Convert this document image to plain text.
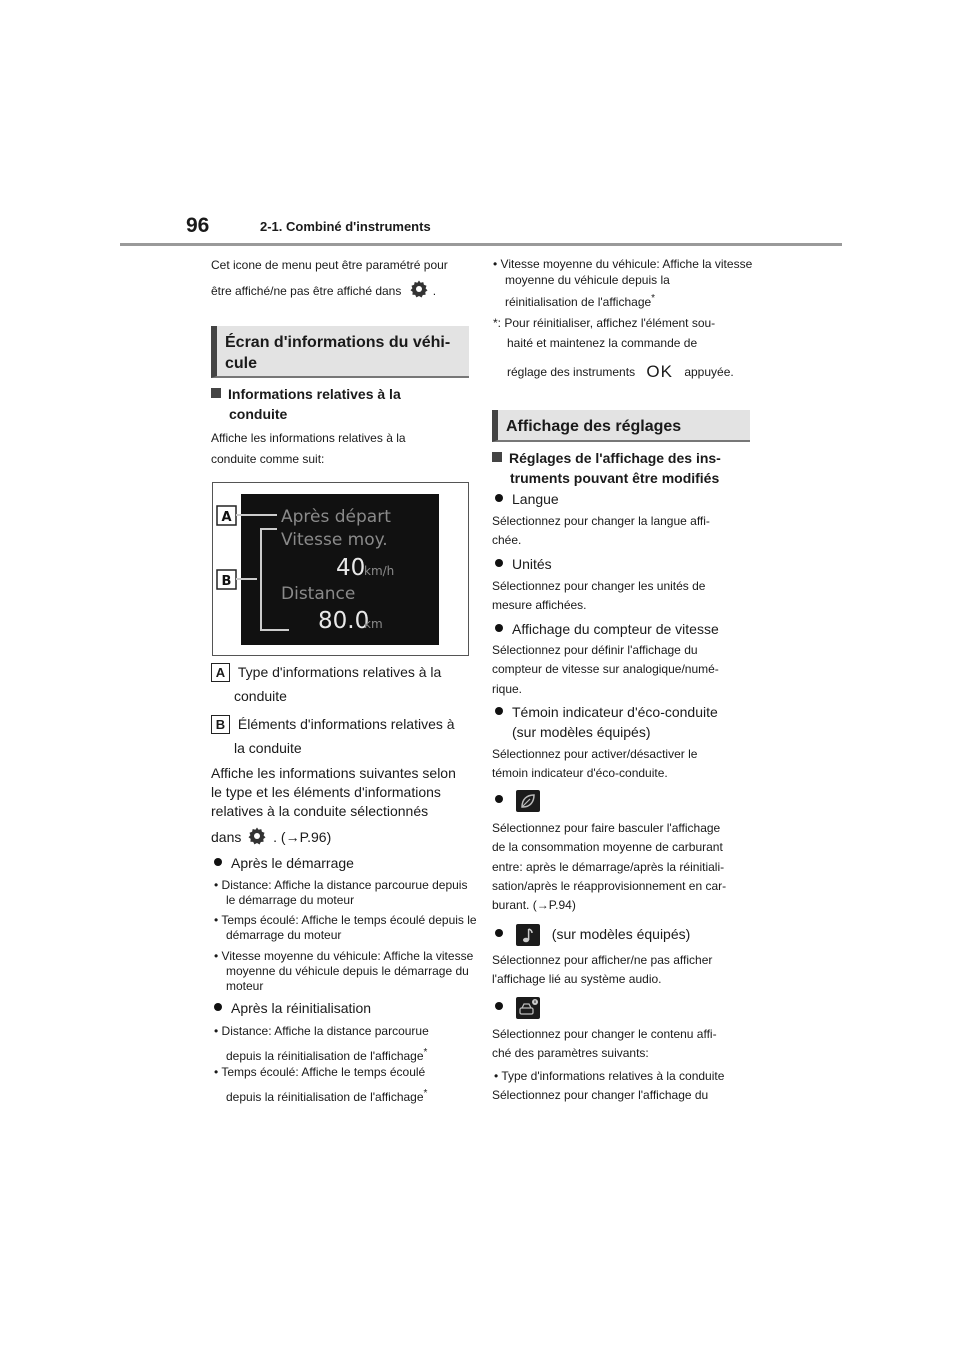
96	2-1. Combiné d'instruments
Cet icone de menu peut être paramétré pour
être affiché/ne pas être affiché dans	.
Écran d'informations du véhi-
cule
Informations relatives à la
conduite
Affiche les informations relatives à la
conduite comme suit:
A
B
Après départ
Vitesse moy.
40
km/h
Distance
80.0
km
A Type d'informations relatives à la
conduite
B Éléments d'informations relatives à
la conduite
Affiche les informations suivantes selon
le type et les éléments d'informations
relatives à la conduite sélectionnés
dans . (→P.96)
Après le démarrage
• Distance: Affiche la distance parcourue depuis le démarrage du moteur
• Temps écoulé: Affiche le temps écoulé depuis le démarrage du moteur
• Vitesse moyenne du véhicule: Affiche la vitesse moyenne du véhicule depuis le démarrage du moteur
Après la réinitialisation
• Distance: Affiche la distance parcourue
depuis la réinitialisation de l'affichage*
• Temps écoulé: Affiche le temps écoulé
depuis la réinitialisation de l'affichage*
• Vitesse moyenne du véhicule: Affiche la vitesse moyenne du véhicule depuis la
réinitialisation de l'affichage*
*: Pour réinitialiser, affichez l'élément sou-
haité et maintenez la commande de
réglage des instruments OK appuyée.
Affichage des réglages
Réglages de l'affichage des ins-
truments pouvant être modifiés
Langue
Sélectionnez pour changer la langue affi-
chée.
Unités
Sélectionnez pour changer les unités de
mesure affichées.
Affichage du compteur de vitesse
Sélectionnez pour définir l'affichage du
compteur de vitesse sur analogique/numé-
rique.
Témoin indicateur d'éco-conduite
(sur modèles équipés)
Sélectionnez pour activer/désactiver le
témoin indicateur d'éco-conduite.

Sélectionnez pour faire basculer l'affichage
de la consommation moyenne de carburant
entre: après le démarrage/après la réinitiali-
sation/après le réapprovisionnement en car-
burant. (→P.94)
(sur modèles équipés)
Sélectionnez pour afficher/ne pas afficher
l'affichage lié au système audio.

Sélectionnez pour changer le contenu affi-
ché des paramètres suivants:
• Type d'informations relatives à la conduite
Sélectionnez pour changer l'affichage du
